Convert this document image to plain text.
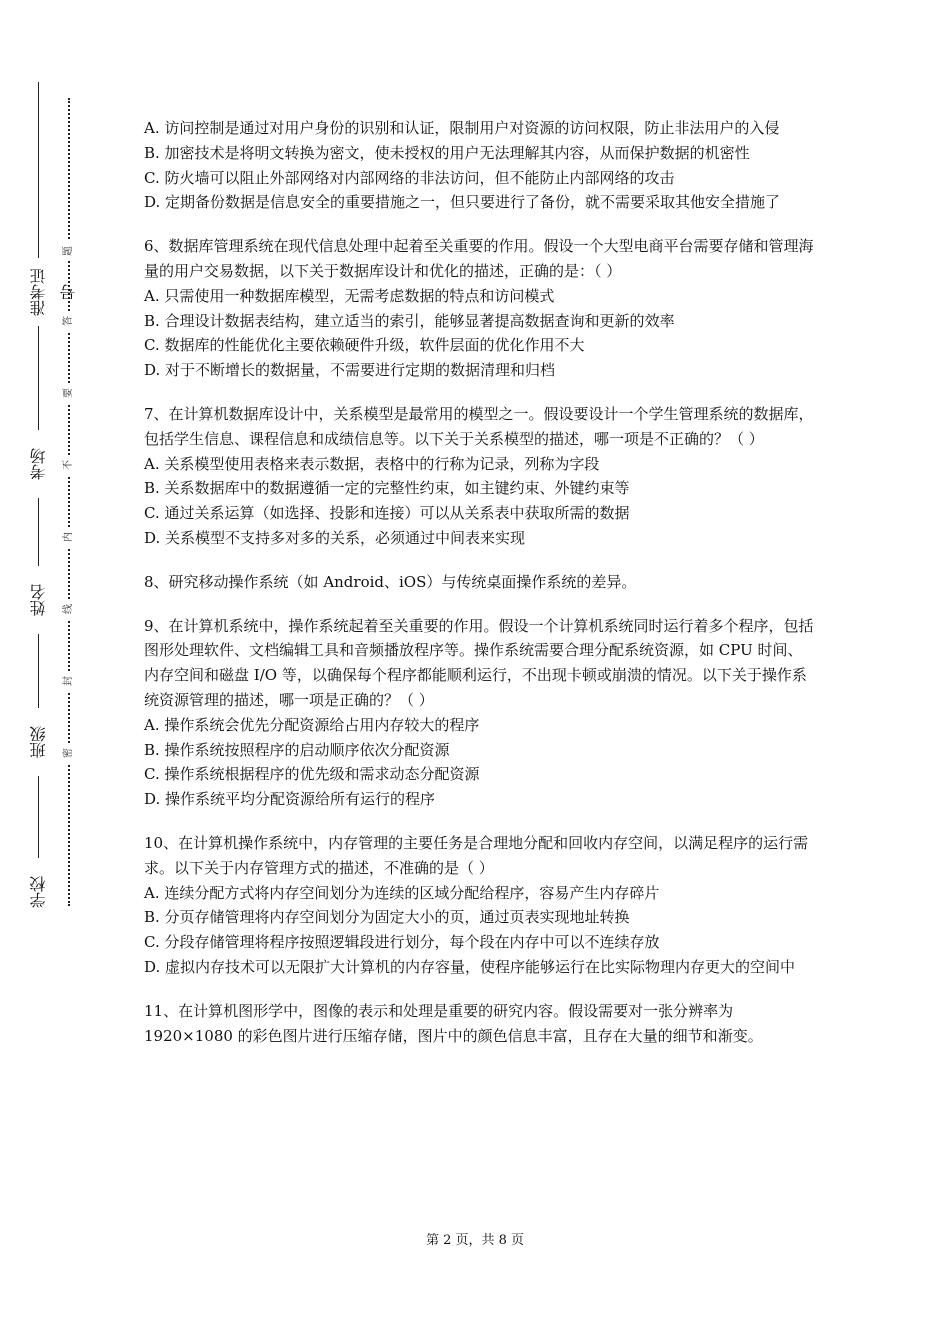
准考证号
考场
姓名
班级
学校
题
答
要
不
内
线
封
密

A. 访问控制是通过对用户身份的识别和认证，限制用户对资源的访问权限，防止非法用户的入侵

B. 加密技术是将明文转换为密文，使未授权的用户无法理解其内容，从而保护数据的机密性

C. 防火墙可以阻止外部网络对内部网络的非法访问，但不能防止内部网络的攻击

D. 定期备份数据是信息安全的重要措施之一，但只要进行了备份，就不需要采取其他安全措施了

6、数据库管理系统在现代信息处理中起着至关重要的作用。假设一个大型电商平台需要存储和管理海量的用户交易数据，以下关于数据库设计和优化的描述，正确的是：（ ）

A. 只需使用一种数据库模型，无需考虑数据的特点和访问模式

B. 合理设计数据表结构，建立适当的索引，能够显著提高数据查询和更新的效率

C. 数据库的性能优化主要依赖硬件升级，软件层面的优化作用不大

D. 对于不断增长的数据量，不需要进行定期的数据清理和归档

7、在计算机数据库设计中，关系模型是最常用的模型之一。假设要设计一个学生管理系统的数据库，包括学生信息、课程信息和成绩信息等。以下关于关系模型的描述，哪一项是不正确的？（ ）

A. 关系模型使用表格来表示数据，表格中的行称为记录，列称为字段

B. 关系数据库中的数据遵循一定的完整性约束，如主键约束、外键约束等

C. 通过关系运算（如选择、投影和连接）可以从关系表中获取所需的数据

D. 关系模型不支持多对多的关系，必须通过中间表来实现

8、研究移动操作系统（如 Android、iOS）与传统桌面操作系统的差异。

9、在计算机系统中，操作系统起着至关重要的作用。假设一个计算机系统同时运行着多个程序，包括图形处理软件、文档编辑工具和音频播放程序等。操作系统需要合理分配系统资源，如 CPU 时间、内存空间和磁盘 I/O 等，以确保每个程序都能顺利运行，不出现卡顿或崩溃的情况。以下关于操作系统资源管理的描述，哪一项是正确的？（ ）

A. 操作系统会优先分配资源给占用内存较大的程序

B. 操作系统按照程序的启动顺序依次分配资源

C. 操作系统根据程序的优先级和需求动态分配资源

D. 操作系统平均分配资源给所有运行的程序

10、在计算机操作系统中，内存管理的主要任务是合理地分配和回收内存空间，以满足程序的运行需求。以下关于内存管理方式的描述，不准确的是（ ）

A. 连续分配方式将内存空间划分为连续的区域分配给程序，容易产生内存碎片

B. 分页存储管理将内存空间划分为固定大小的页，通过页表实现地址转换

C. 分段存储管理将程序按照逻辑段进行划分，每个段在内存中可以不连续存放

D. 虚拟内存技术可以无限扩大计算机的内存容量，使程序能够运行在比实际物理内存更大的空间中

11、在计算机图形学中，图像的表示和处理是重要的研究内容。假设需要对一张分辨率为 1920×1080 的彩色图片进行压缩存储，图片中的颜色信息丰富，且存在大量的细节和渐变。

第 2 页，共 8 页
